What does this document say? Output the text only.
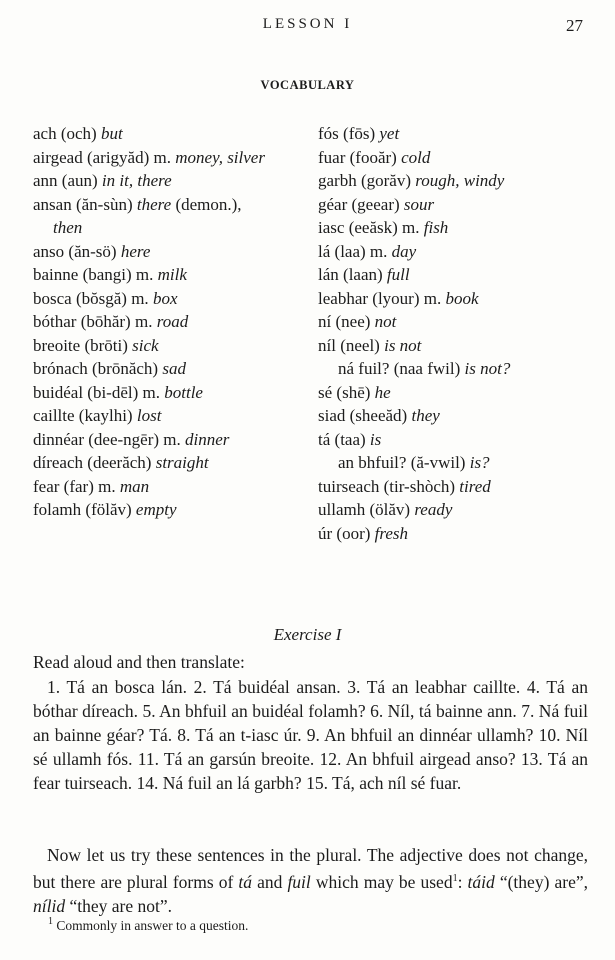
LESSON I	27
VOCABULARY
ach (och) but
airgead (arigyăd) m. money, silver
ann (aun) in it, there
ansan (ăn-sùn) there (demon.),
then
anso (ăn-sö) here
bainne (bangi) m. milk
bosca (bŏsgă) m. box
bóthar (bōhăr) m. road
breoite (brōti) sick
brónach (brōnăch) sad
buidéal (bi-dēl) m. bottle
caillte (kaylhi) lost
dinnéar (dee-ngēr) m. dinner
díreach (deerăch) straight
fear (far) m. man
folamh (fölăv) empty
fós (fōs) yet
fuar (fooăr) cold
garbh (gorăv) rough, windy
géar (geear) sour
iasc (eeăsk) m. fish
lá (laa) m. day
lán (laan) full
leabhar (lyour) m. book
ní (nee) not
níl (neel) is not
ná fuil? (naa fwil) is not?
sé (shē) he
siad (sheeăd) they
tá (taa) is
an bhfuil? (ă-vwil) is?
tuirseach (tir-shòch) tired
ullamh (ölăv) ready
úr (oor) fresh
Exercise I
Read aloud and then translate:
1. Tá an bosca lán. 2. Tá buidéal ansan. 3. Tá an leabhar caillte. 4. Tá an bóthar díreach. 5. An bhfuil an buidéal folamh? 6. Níl, tá bainne ann. 7. Ná fuil an bainne géar? Tá. 8. Tá an t-iasc úr. 9. An bhfuil an dinnéar ullamh? 10. Níl sé ullamh fós. 11. Tá an garsún breoite. 12. An bhfuil airgead anso? 13. Tá an fear tuirseach. 14. Ná fuil an lá garbh? 15. Tá, ach níl sé fuar.
Now let us try these sentences in the plural. The adjective does not change, but there are plural forms of tá and fuil which may be used$^1$: táid “(they) are”, nílid “they are not”.
$^1$ Commonly in answer to a question.
